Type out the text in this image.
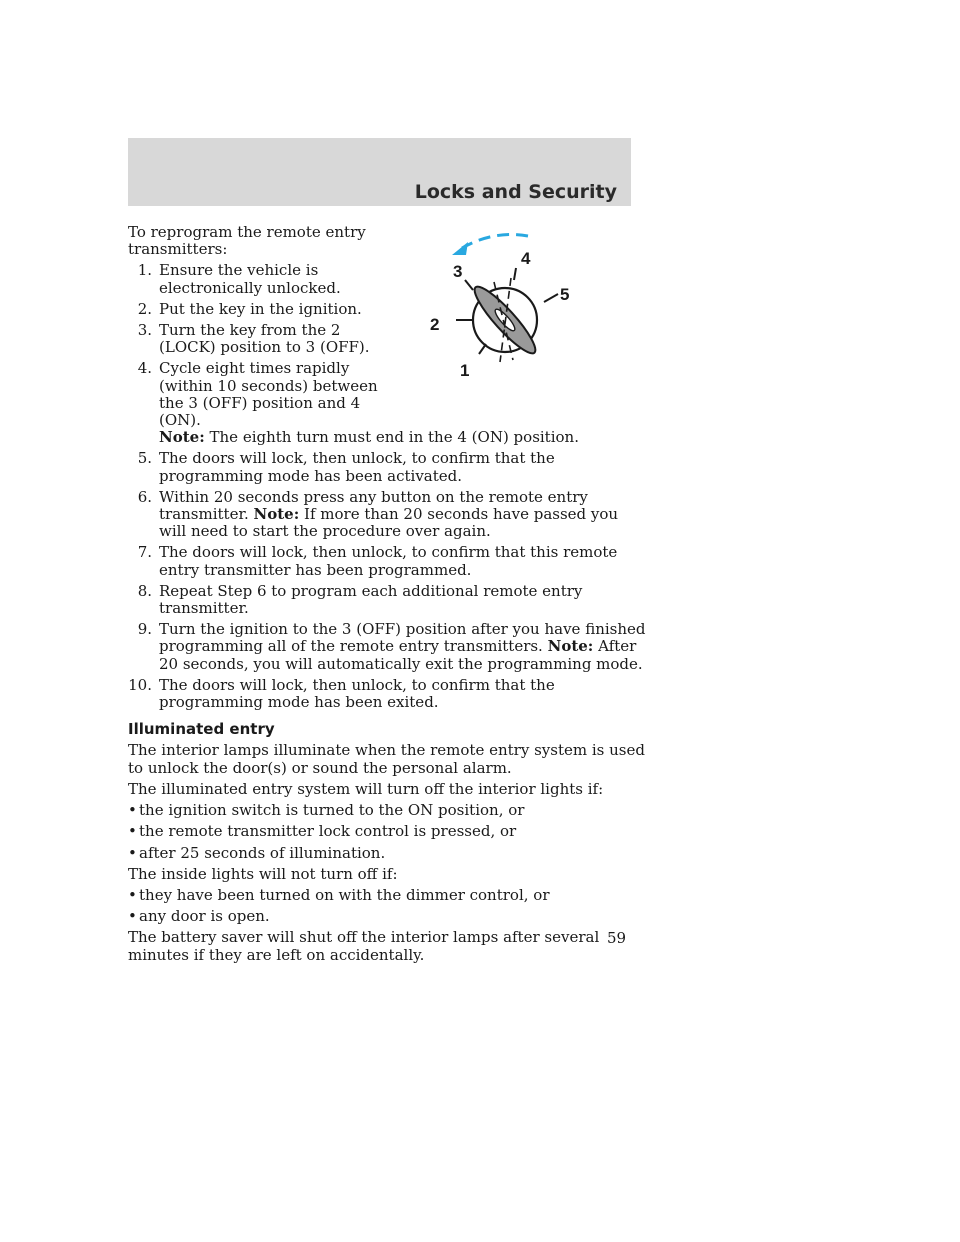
Locks and Security
4
3
5
2
1
To reprogram the remote entry transmitters:
1. Ensure the vehicle is electronically unlocked.
2. Put the key in the ignition.
3. Turn the key from the 2 (LOCK) position to 3 (OFF).
4. Cycle eight times rapidly (within 10 seconds) between the 3 (OFF) position and 4 (ON).
Note: The eighth turn must end in the 4 (ON) position.
5. The doors will lock, then unlock, to confirm that the programming mode has been activated.
6. Within 20 seconds press any button on the remote entry transmitter. Note: If more than 20 seconds have passed you will need to start the procedure over again.
7. The doors will lock, then unlock, to confirm that this remote entry transmitter has been programmed.
8. Repeat Step 6 to program each additional remote entry transmitter.
9. Turn the ignition to the 3 (OFF) position after you have finished programming all of the remote entry transmitters. Note: After 20 seconds, you will automatically exit the programming mode.
10. The doors will lock, then unlock, to confirm that the programming mode has been exited.
Illuminated entry
The interior lamps illuminate when the remote entry system is used to unlock the door(s) or sound the personal alarm.
The illuminated entry system will turn off the interior lights if:
• the ignition switch is turned to the ON position, or
• the remote transmitter lock control is pressed, or
• after 25 seconds of illumination.
The inside lights will not turn off if:
• they have been turned on with the dimmer control, or
• any door is open.
The battery saver will shut off the interior lamps after several minutes if they are left on accidentally.
59
